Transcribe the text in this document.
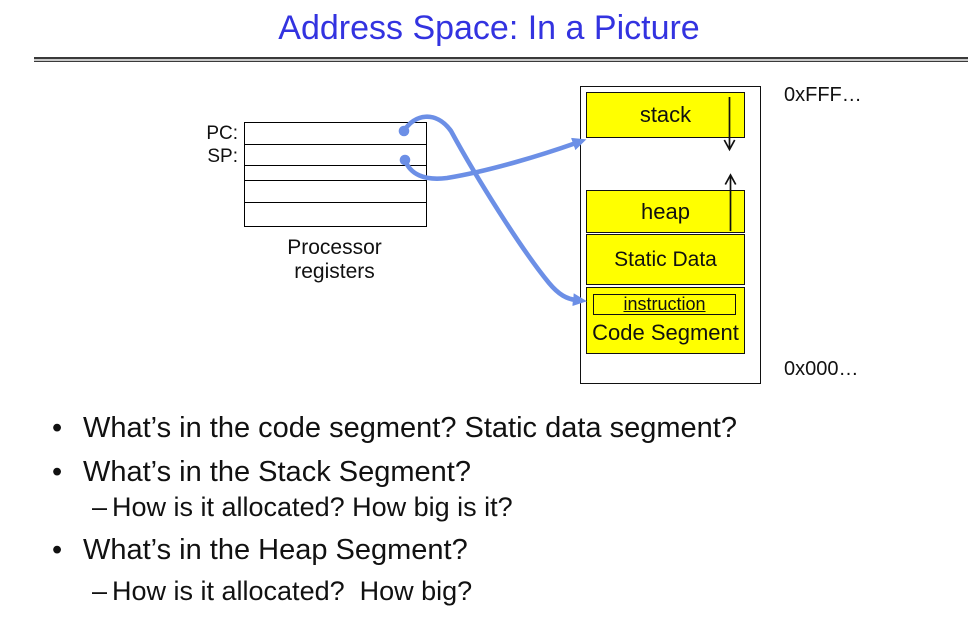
Address Space: In a Picture
PC:
SP:
Processor
registers
stack
heap
Static Data
instruction
Code Segment
0xFFF…
0x000…
• What’s in the code segment? Static data segment?
• What’s in the Stack Segment?
– How is it allocated? How big is it?
• What’s in the Heap Segment?
– How is it allocated?  How big?
